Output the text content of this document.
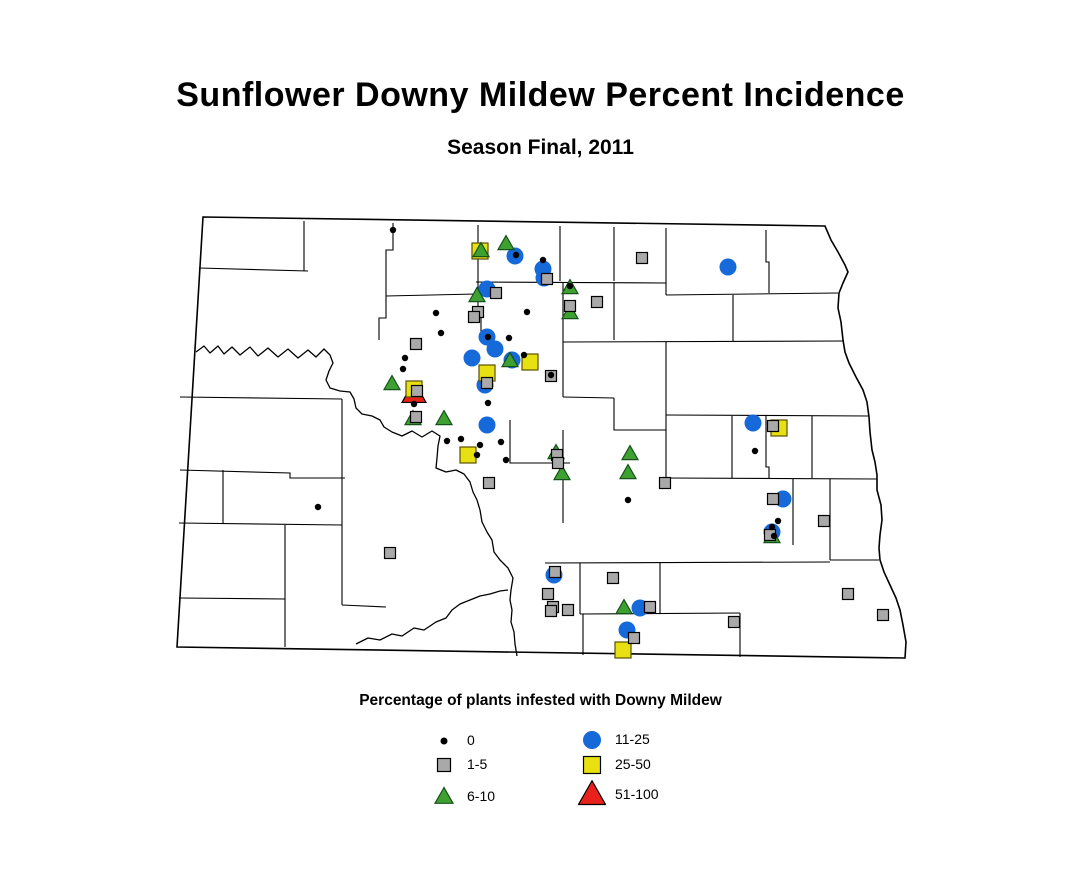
Sunflower Downy Mildew Percent Incidence
Season Final, 2011
Percentage of plants infested with Downy Mildew
0
1-5
6-10
11-25
25-50
51-100
